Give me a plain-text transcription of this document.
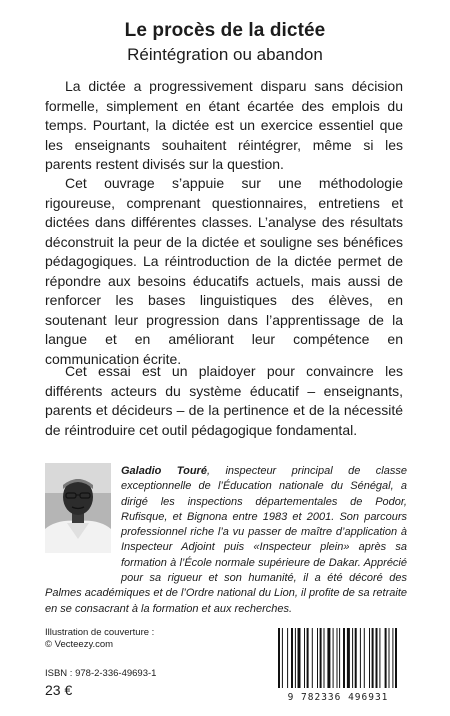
Le procès de la dictée
Réintégration ou abandon

La dictée a progressivement disparu sans décision formelle, simplement en étant écartée des emplois du temps. Pourtant, la dictée est un exercice essentiel que les enseignants souhaitent réintégrer, même si les parents restent divisés sur la question.

Cet ouvrage s’appuie sur une méthodologie rigoureuse, comprenant questionnaires, entretiens et dictées dans différentes classes. L’analyse des résultats déconstruit la peur de la dictée et souligne ses bénéfices pédagogiques. La réintroduction de la dictée permet de répondre aux besoins éducatifs actuels, mais aussi de renforcer les bases linguistiques des élèves, en soutenant leur progression dans l’apprentissage de la langue et en améliorant leur compétence en communication écrite.

Cet essai est un plaidoyer pour convaincre les différents acteurs du système éducatif – enseignants, parents et décideurs – de la pertinence et de la nécessité de réintroduire cet outil pédagogique fondamental.

Galadio Touré, inspecteur principal de classe exceptionnelle de l’Éducation nationale du Sénégal, a dirigé les inspections départementales de Podor, Rufisque, et Bignona entre 1983 et 2001. Son parcours professionnel riche l’a vu passer de maître d’application à Inspecteur Adjoint puis «Inspecteur plein» après sa formation à l’École normale supérieure de Dakar. Apprécié pour sa rigueur et son humanité, il a été décoré des Palmes académiques et de l’Ordre national du Lion, il profite de sa retraite en se consacrant à la formation et aux recherches.

Illustration de couverture :
© Vecteezy.com

ISBN : 978-2-336-49693-1

23 €	9 782336 496931
